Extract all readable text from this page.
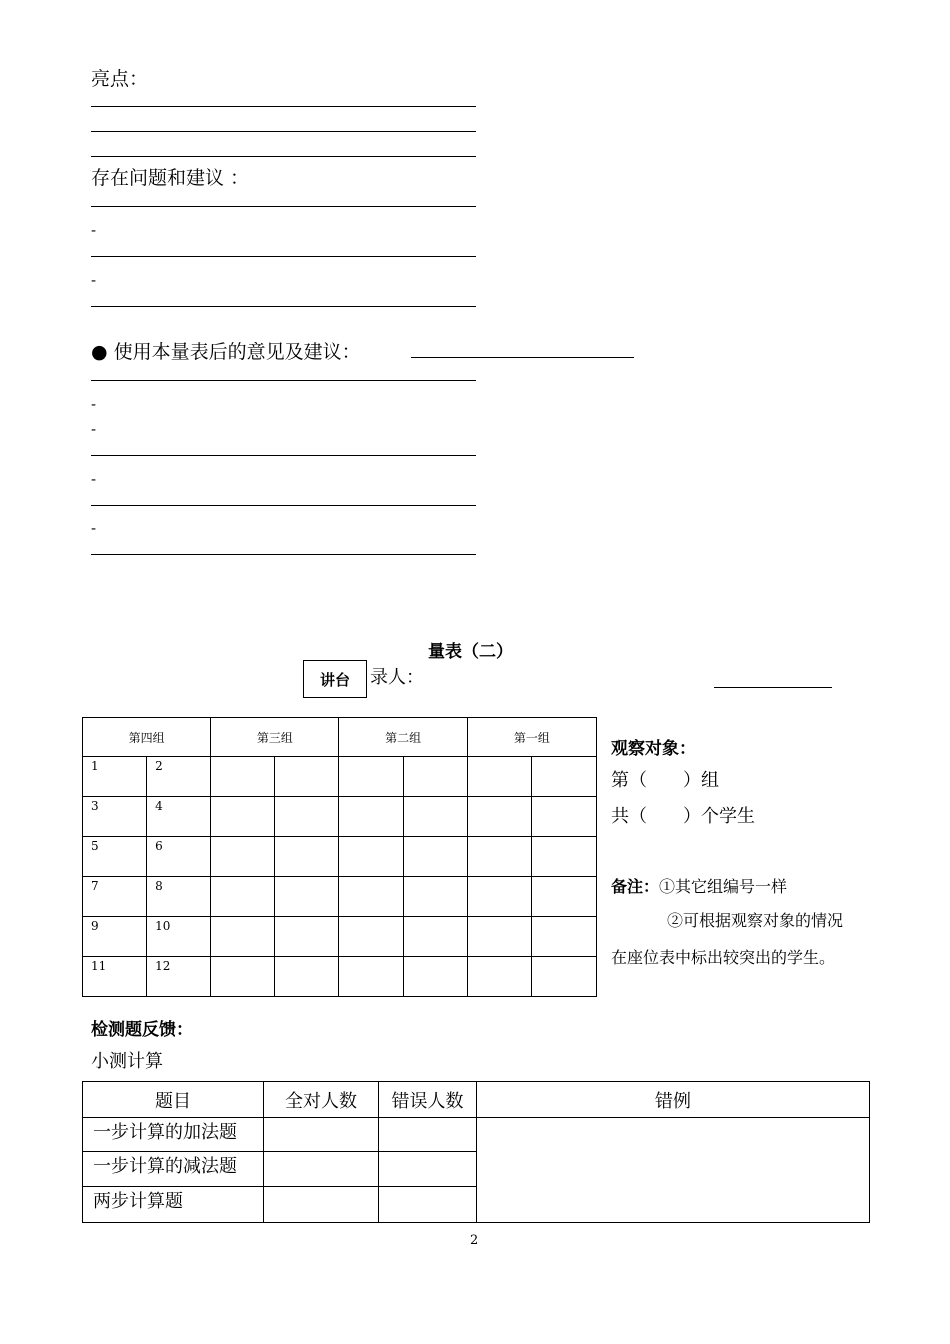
亮点：
存在问题和建议 ：
-
-
● 使用本量表后的意见及建议：
-
-
-
-
量表（二）
讲台	录人：
第四组		第三组		第二组		第一组	

1	2						

3	4						

5	6						

7	8						

9	10						

11	12						

观察对象：
第（　　）组
共（　　）个学生
备注：①其它组编号一样
②可根据观察对象的情况
在座位表中标出较突出的学生。
检测题反馈：
小测计算
题目	全对人数	错误人数	错例
一步计算的加法题			
一步计算的减法题			
两步计算题			
2
